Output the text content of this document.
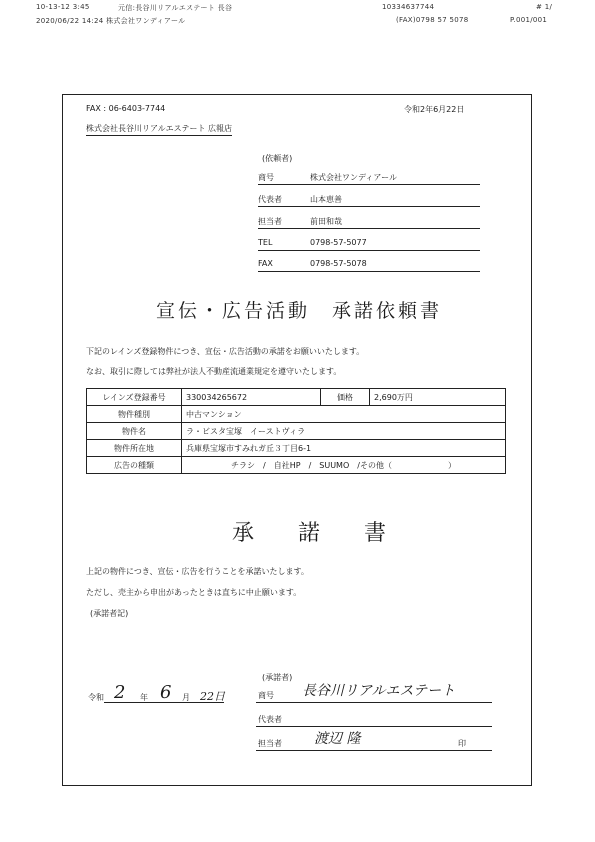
10-13-12 3:45	元信:長谷川リアルエステート 長谷	10334637744	# 1/
2020/06/22 14:24 株式会社ワンディアール	(FAX)0798 57 5078	P.001/001
FAX : 06-6403-7744	令和2年6月22日
株式会社長谷川リアルエステート 広報店
(依頼者)
商号	株式会社ワンディアール
代表者	山本恵善
担当者	前田和哉
TEL	0798-57-5077
FAX	0798-57-5078
宣伝・広告活動　承諾依頼書
下記のレインズ登録物件につき、宣伝・広告活動の承諾をお願いいたします。
なお、取引に際しては弊社が法人不動産流通業規定を遵守いたします。
レインズ登録番号	330034265672	価格	2,690万円
物件種別	中古マンション		
物件名	ラ・ビスタ宝塚　イーストヴィラ		
物件所在地	兵庫県宝塚市すみれガ丘３丁目6-1		
広告の種類	チラシ　/　自社HP　/　SUUMO　/その他（　　　　　　　）		
承　　諾　　書
上記の物件につき、宣伝・広告を行うことを承諾いたします。
ただし、売主から申出があったときは直ちに中止願います。
(承諾者記)
(承諾者)
令和 2 年 6 月 22日	商号 長谷川リアルエステート
代表者
担当者 渡辺 隆	印
